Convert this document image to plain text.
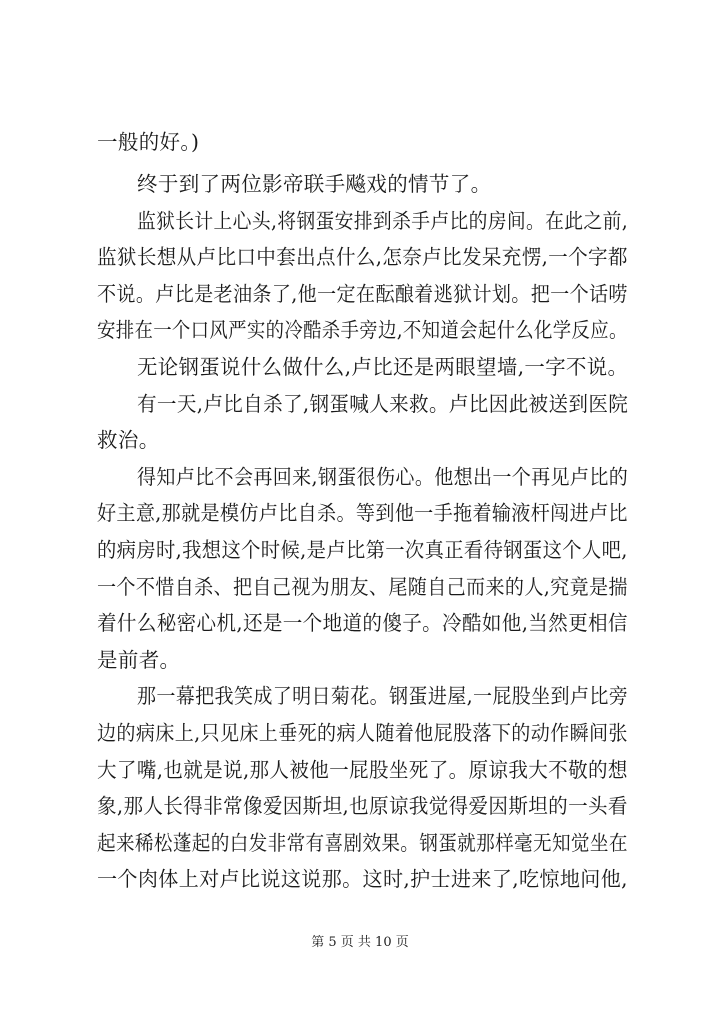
一般的好。)
终于到了两位影帝联手飚戏的情节了。
监狱长计上心头,将钢蛋安排到杀手卢比的房间。在此之前,
监狱长想从卢比口中套出点什么,怎奈卢比发呆充愣,一个字都
不说。卢比是老油条了,他一定在酝酿着逃狱计划。把一个话唠
安排在一个口风严实的冷酷杀手旁边,不知道会起什么化学反应。
无论钢蛋说什么做什么,卢比还是两眼望墙,一字不说。
有一天,卢比自杀了,钢蛋喊人来救。卢比因此被送到医院
救治。
得知卢比不会再回来,钢蛋很伤心。他想出一个再见卢比的
好主意,那就是模仿卢比自杀。等到他一手拖着输液杆闯进卢比
的病房时,我想这个时候,是卢比第一次真正看待钢蛋这个人吧,
一个不惜自杀、把自己视为朋友、尾随自己而来的人,究竟是揣
着什么秘密心机,还是一个地道的傻子。冷酷如他,当然更相信
是前者。
那一幕把我笑成了明日菊花。钢蛋进屋,一屁股坐到卢比旁
边的病床上,只见床上垂死的病人随着他屁股落下的动作瞬间张
大了嘴,也就是说,那人被他一屁股坐死了。原谅我大不敬的想
象,那人长得非常像爱因斯坦,也原谅我觉得爱因斯坦的一头看
起来稀松蓬起的白发非常有喜剧效果。钢蛋就那样毫无知觉坐在
一个肉体上对卢比说这说那。这时,护士进来了,吃惊地问他,
第 5 页 共 10 页
